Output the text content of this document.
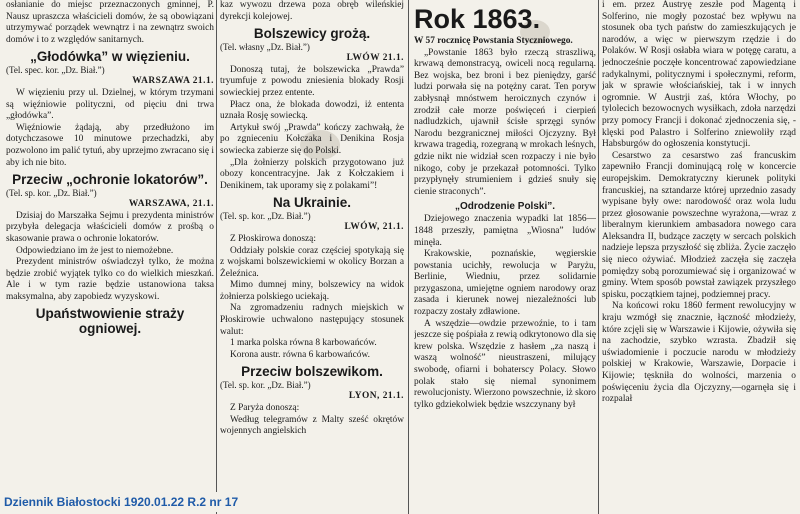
osłanianie do miejsc przeznaczonych gminnej, P. Nausz upraszcza właścicieli domów, że są obowiązani utrzymywać porządek wewnątrz i na zewnątrz swoich domów i to z względów sanitarnych.

„Głodówka” w więzieniu.
(Tel. spec. kor. „Dz. Biał.”)
WARSZAWA 21.1.

W więzieniu przy ul. Dzielnej, w którym trzymani są więźniowie polityczni, od pięciu dni trwa „głodówka”.

Więźniowie żądają, aby przedłużono im dotychczasowe 10 minutowe przechadzki, aby pozwolono im palić tytuń, aby uprzejmo zwracano się i aby ich nie bito.

Przeciw „ochronie lokatorów”.
(Tel. sp. kor. „Dz. Biał.”)
WARSZAWA, 21.1.

Dzisiaj do Marszałka Sejmu i prezydenta ministrów przybyła delegacja właścicieli domów z prośbą o skasowanie prawa o ochronie lokatorów.

Odpowiedziano im że jest to niemożebne.

Prezydent ministrów oświadczył tylko, że można będzie zrobić wyjątek tylko co do wielkich mieszkań. Ale i w tym razie będzie ustanowiona taksa maksymalna, aby zapobiedz wyzyskowi.

Upaństwowienie straży ogniowej.

kaz wywozu drzewa poza obręb wileńskiej dyrekcji kolejowej.

Bolszewicy grożą.
(Tel. własny „Dz. Biał.”)
LWÓW 21.1.

Donoszą tutaj, że bolszewicka „Prawda” tryumfuje z powodu zniesienia blokady Rosji sowieckiej przez entente.

Płacz ona, że blokada dowodzi, iż ententa uznała Rosję sowiecką.

Artykuł swój „Prawda” kończy zachwałą, że po zgnieceniu Kołczaka i Denikina Rosja sowiecka zabierze się do Polski.

„Dla żołnierzy polskich przygotowano już obozy koncentracyjne. Jak z Kołczakiem i Denikinem, tak uporamy się z polakami”!

Na Ukrainie.
(Tel. sp. kor. „Dz. Biał.”)
LWÓW, 21.1.

Z Płoskirowa donoszą:

Oddziały polskie coraz częściej spotykają się z wojskami bolszewickiemi w okolicy Borzan a Żeleźnica.

Mimo dumnej miny, bolszewicy na widok żołnierza polskiego uciekają.

Na zgromadzeniu radnych miejskich w Płoskirowie uchwalono następujący stosunek walut:

1 marka polska równa 8 karbowańców.

Korona austr. równa 6 karbowańców.

Przeciw bolszewikom.
(Tel. sp. kor. „Dz. Biał.”)
LYON, 21.1.

Z Paryża donoszą:

Według telegramów z Malty sześć okrętów wojennych angielskich

Rok 1863.
W 57 rocznicę Powstania Styczniowego.

„Powstanie 1863 było rzeczą straszliwą, krwawą demonstracyą, owiceli nocą regularną. Bez wojska, bez broni i bez pieniędzy, garść ludzi porwała się na potężny carat. Ten poryw zabłysnął mnóstwem heroicznych czynów i zrodził całe morze poświęceń i cierpień nadludzkich, ujawnił ścisłe sprzęgi synów Narodu bezgranicznej miłości Ojczyzny. Był krwawa tragedią, rozegraną w mrokach leśnych, gdzie nikt nie widział scen rozpaczy i nie było nikogo, coby je przekazał potomności. Tylko przypłynęły strumieniem i gdzieś snuły się cienie straconych”.

„Odrodzenie Polski”.

Dziejowego znaczenia wypadki lat 1856—1848 przeszły, pamiętna „Wiosna” ludów minęła.

Krakowskie, poznańskie, węgierskie powstania ucichły, rewolucja w Paryżu, Berlinie, Wiedniu, przez solidarnie przygaszona, umiejętne ogniem narodowy oraz zasada i kierunek nowej niezależności lub rozpaczy zostały zdławione.

A wszędzie—owdzie przewoźnie, to i tam jeszcze się pośpiała z rewią odkrytonowo dla się krew polska. Wszędzie z hasłem „za naszą i waszą wolność” nieustraszeni, milujący swobodę, ofiarni i bohaterscy Polacy. Słowo polak stało się niemal synonimem rewolucjonisty. Wierzono powszechnie, iż skoro tylko gdziekolwiek będzie wszczynany był

i em. przez Austryę zeszłe pod Magentą i Solferino, nie mogły pozostać bez wpływu na stosunek oba tych państw do zamieszkujących je narodów, a więc w pierwszym rzędzie i do Polaków. W Rosji osłabła wiara w potęgę caratu, a jednocześnie poczęłe koncentrować zapowiedziane radykalnymi, politycznymi i społecznymi, reform, jak w sprawie włościańskiej, tak i w innych ogromnie. W Austrji zaś, która Włochy, po tylolecich bezowocnych wysiłkach, zdoła narzędzi przy pomocy Francji i dokonać zjednoczenia się, - klęski pod Palastro i Solferino zniewoliły rząd Habsburgów do ogłoszenia konstytucji.

Cesarstwo za cesarstwo zaś francuskim zapewniło Francji dominującą rolę w koncercie europejskim. Demokratyczny kierunek polityki francuskiej, na sztandarze której uprzednio zasady wypisane były owe: narodowość oraz wola ludu przez głosowanie powszechne wyrażona,—wraz z liberalnym kierunkiem ambasadora nowego cara Aleksandra II, budzące zaczęty w sercach polskich nadzieje lepsza przyszłość się zbliża. Życie zaczęło się nieco ożywiać. Młodzież zaczęła się zaczęła pomiędzy sobą porozumiewać się i organizować w gminy. Wtem sposób powstał zawiązek przyszłego spisku, początkiem tajnej, podziemnej pracy.

Na końcowi roku 1860 ferment rewolucyjny w kraju wzmógł się znacznie, łączność młodzieży, które zcjęli się w Warszawie i Kijowie, ożywiła się na zachodzie, szybko wzrasta. Zbadził się uświadomienie i poczucie narodu w młodzieży polskiej w Krakowie, Warszawie, Dorpacie i Kijowie; tęskniła do wolności, marzenia o poświęceniu życia dla Ojczyzny,—ogarnęła się i rozpalał

Dziennik Białostocki 1920.01.22 R.2 nr 17
